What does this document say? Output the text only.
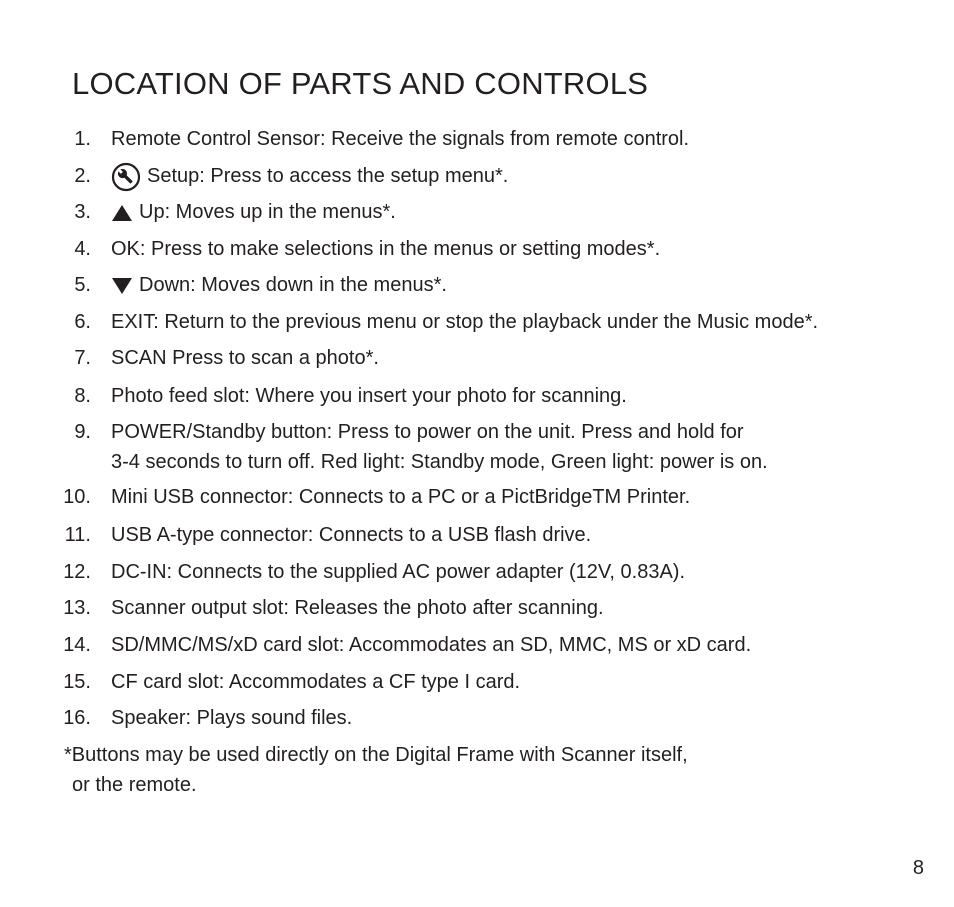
LOCATION OF PARTS AND CONTROLS
1. Remote Control Sensor: Receive the signals from remote control.
2.	Setup: Press to access the setup menu*.
3.	Up: Moves up in the menus*.
4. OK: Press to make selections in the menus or setting modes*.
5.	Down: Moves down in the menus*.
6. EXIT: Return to the previous menu or stop the playback under the Music mode*.
7. SCAN Press to scan a photo*.
8. Photo feed slot: Where you insert your photo for scanning.
9. POWER/Standby button: Press to power on the unit. Press and hold for
3-4 seconds to turn off. Red light: Standby mode, Green light: power is on.
10. Mini USB connector: Connects to a PC or a PictBridgeTM Printer.
11. USB A-type connector: Connects to a USB flash drive.
12. DC-IN: Connects to the supplied AC power adapter (12V, 0.83A).
13. Scanner output slot: Releases the photo after scanning.
14. SD/MMC/MS/xD card slot: Accommodates an SD, MMC, MS or xD card.
15. CF card slot: Accommodates a CF type I card.
16. Speaker: Plays sound files.

*Buttons may be used directly on the Digital Frame with Scanner itself,
or the remote.

8
